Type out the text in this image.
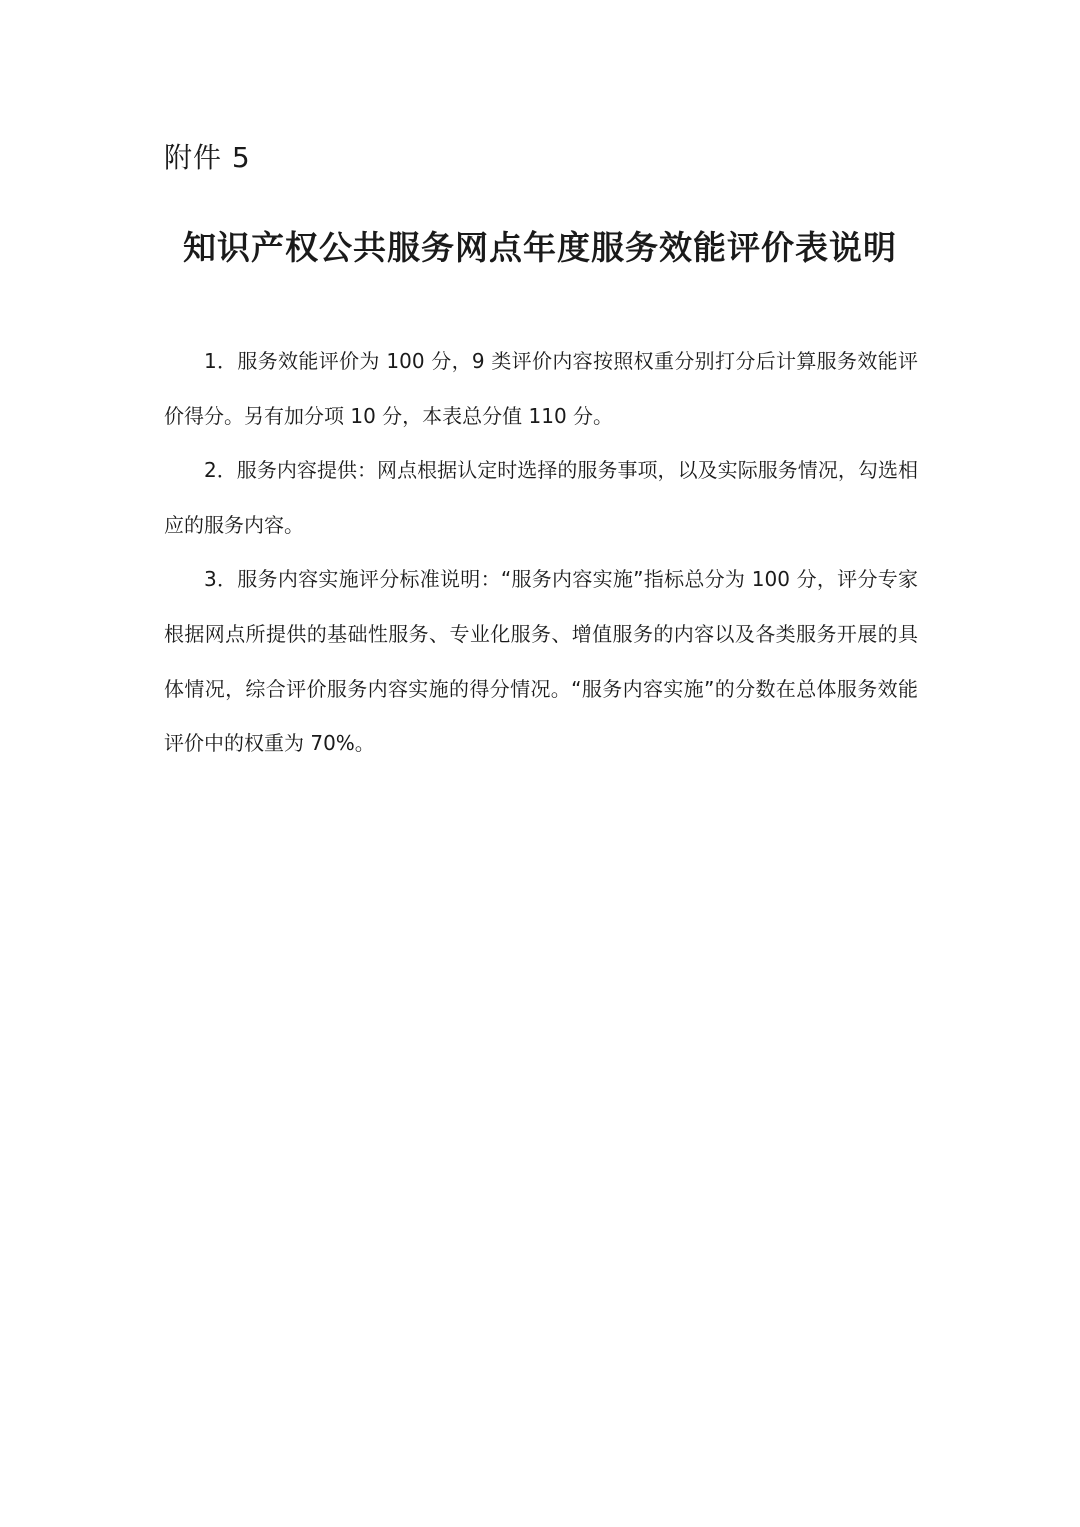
附件 5
知识产权公共服务网点年度服务效能评价表说明

1．服务效能评价为 100 分，9 类评价内容按照权重分别打分后计算服务效能评价得分。另有加分项 10 分，本表总分值 110 分。

2．服务内容提供：网点根据认定时选择的服务事项，以及实际服务情况，勾选相应的服务内容。

3．服务内容实施评分标准说明：“服务内容实施”指标总分为 100 分，评分专家根据网点所提供的基础性服务、专业化服务、增值服务的内容以及各类服务开展的具体情况，综合评价服务内容实施的得分情况。“服务内容实施”的分数在总体服务效能评价中的权重为 70%。
